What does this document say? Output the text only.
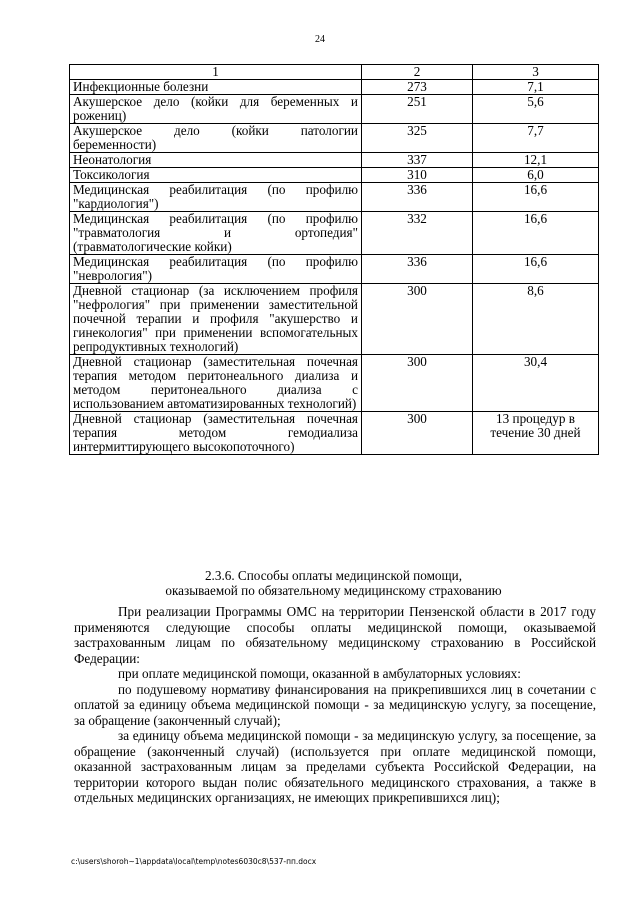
24
1	2	3
Инфекционные болезни	273	7,1
Акушерское дело (койки для беременных и рожениц)	251	5,6
Акушерское дело (койки патологии беременности)	325	7,7
Неонатология	337	12,1
Токсикология	310	6,0
Медицинская реабилитация (по профилю "кардиология")	336	16,6
Медицинская реабилитация (по профилю "травматология и ортопедия" (травматологические койки)	332	16,6
Медицинская реабилитация (по профилю "неврология")	336	16,6
Дневной стационар (за исключением профиля "нефрология" при применении заместительной почечной терапии и профиля "акушерство и гинекология" при применении вспомогательных репродуктивных технологий)	300	8,6
Дневной стационар (заместительная почечная терапия методом перитонеального диализа и методом перитонеального диализа с использованием автоматизированных технологий)	300	30,4
Дневной стационар (заместительная почечная терапия методом гемодиализа интермиттирующего высокопоточного)	300	13 процедур в течение 30 дней
2.3.6. Способы оплаты медицинской помощи,
оказываемой по обязательному медицинскому страхованию

При реализации Программы ОМС на территории Пензенской области в 2017 году применяются следующие способы оплаты медицинской помощи, оказываемой застрахованным лицам по обязательному медицинскому страхованию в Российской Федерации:

при оплате медицинской помощи, оказанной в амбулаторных условиях:

по подушевому нормативу финансирования на прикрепившихся лиц в сочетании с оплатой за единицу объема медицинской помощи - за медицинскую услугу, за посещение, за обращение (законченный случай);

за единицу объема медицинской помощи - за медицинскую услугу, за посещение, за обращение (законченный случай) (используется при оплате медицинской помощи, оказанной застрахованным лицам за пределами субъекта Российской Федерации, на территории которого выдан полис обязательного медицинского страхования, а также в отдельных медицинских организациях, не имеющих прикрепившихся лиц);

c:\users\shoroh~1\appdata\local\temp\notes6030c8\537-пп.docx
